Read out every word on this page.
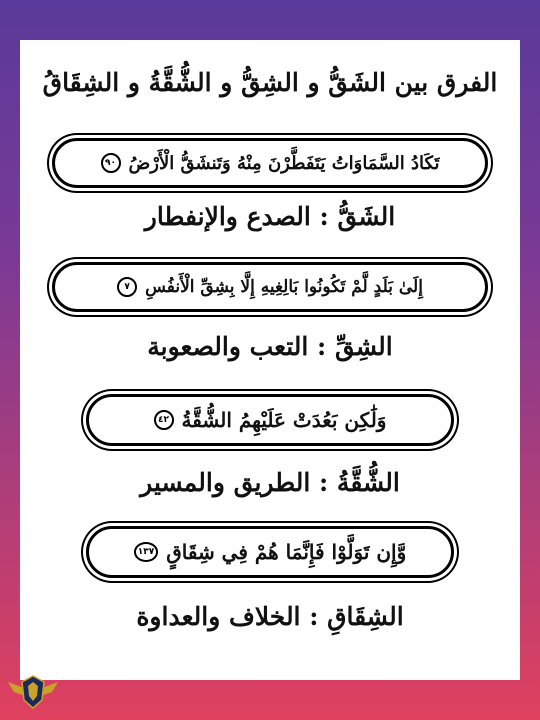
الفرق بين الشَقُّ و الشِقُّ و الشُّقَّةُ و الشِقَاقُ
تَكَادُ السَّمَاوَاتُ يَتَفَطَّرْنَ مِنْهُ وَتَنشَقُّ الْأَرْضُ
٩٠
الشَقُّ : الصدع والإنفطار
إِلَىٰ بَلَدٍ لَّمْ تَكُونُوا بَالِغِيهِ إِلَّا بِشِقِّ الْأَنفُسِ
٧
الشِقِّ : التعب والصعوبة
وَلَٰكِن بَعُدَتْ عَلَيْهِمُ الشُّقَّةُ
٤٢
الشُّقَّةُ : الطريق والمسير
وَّإِن تَوَلَّوْا فَإِنَّمَا هُمْ فِي شِقَاقٍ
١٣٧
الشِقَاقِ : الخلاف والعداوة
